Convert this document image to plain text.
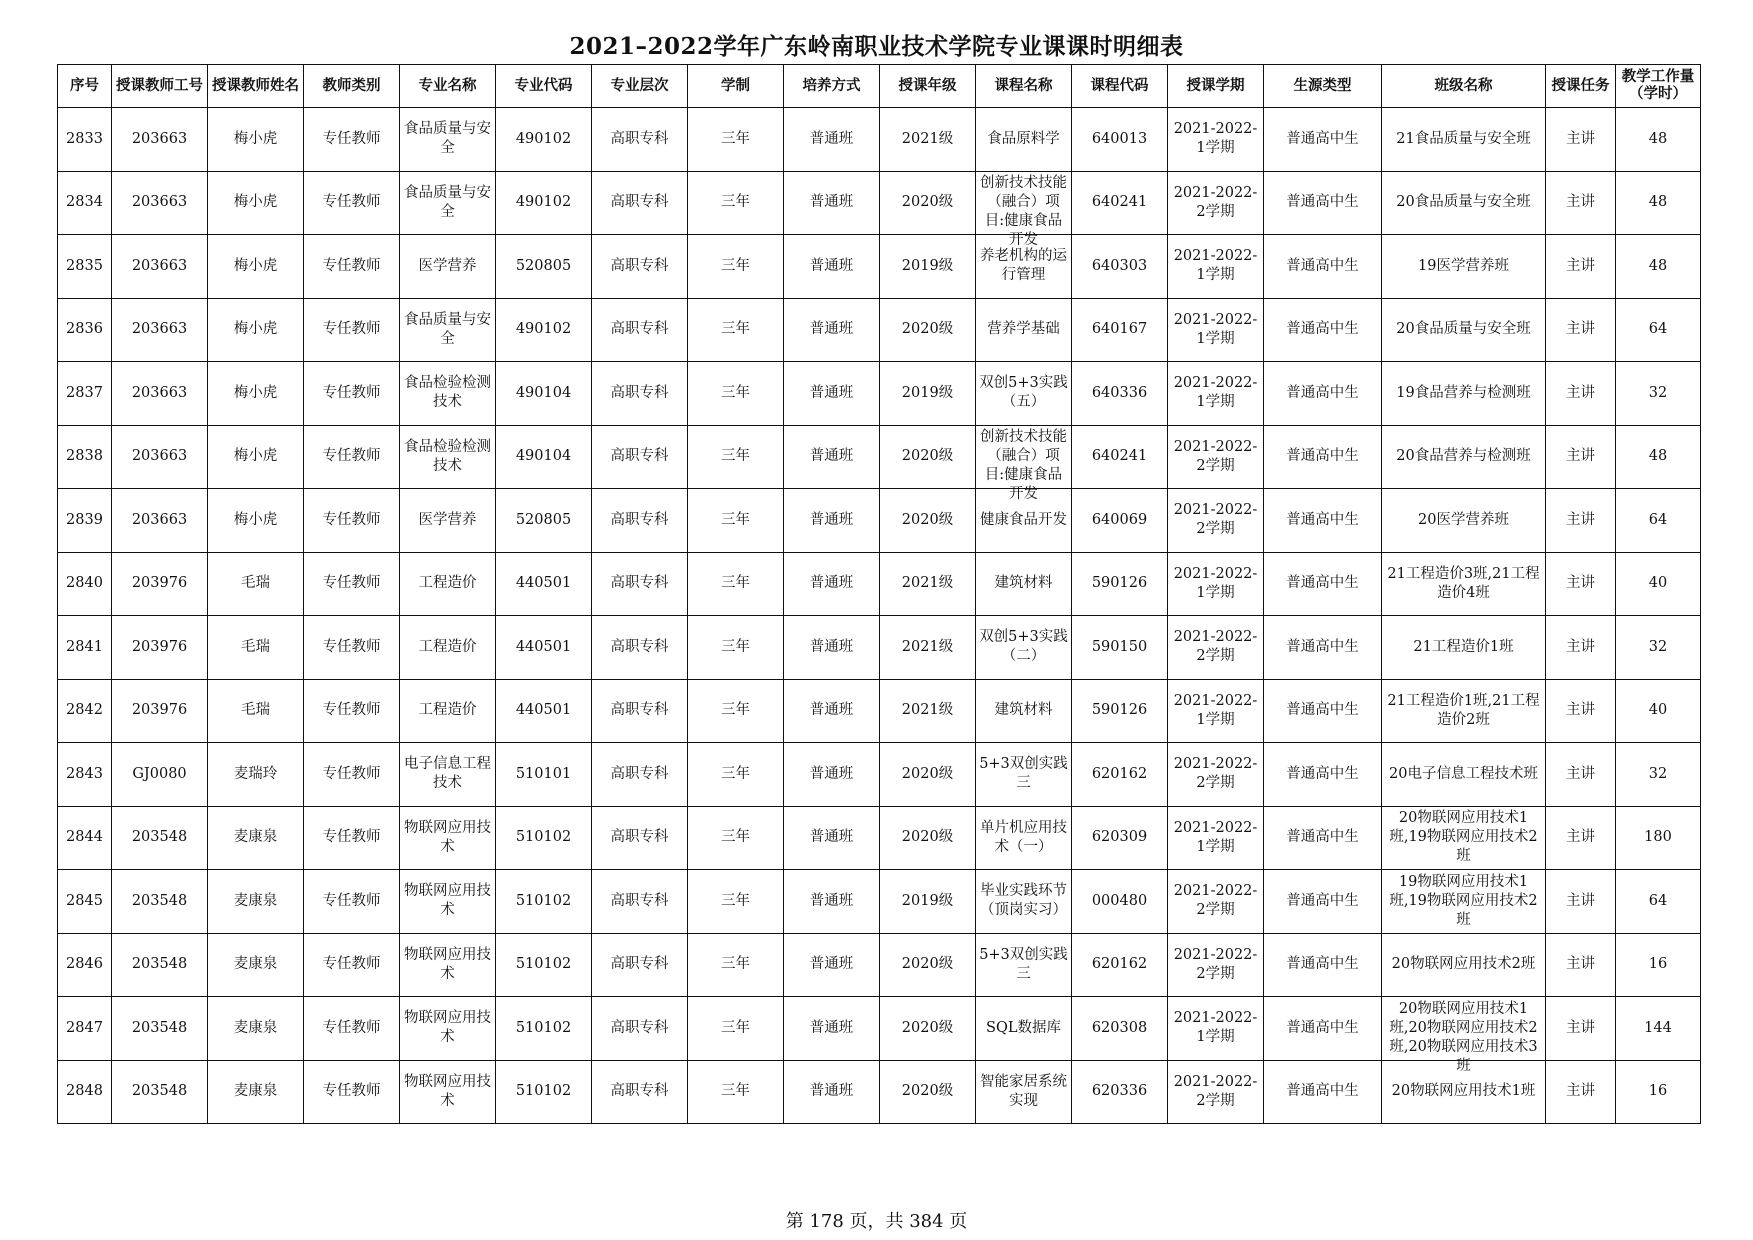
2021–2022学年广东岭南职业技术学院专业课课时明细表
序号	授课教师工号	授课教师姓名	教师类别	专业名称	专业代码	专业层次	学制	培养方式	授课年级	课程名称	课程代码	授课学期	生源类型	班级名称	授课任务	教学工作量（学时）

2833	203663	梅小虎	专任教师	食品质量与安全	490102	高职专科	三年	普通班	2021级	食品原料学	640013	2021-2022-1学期	普通高中生	21食品质量与安全班	主讲	48

2834	203663	梅小虎	专任教师	食品质量与安全	490102	高职专科	三年	普通班	2020级	创新技术技能（融合）项目:健康食品开发	640241	2021-2022-2学期	普通高中生	20食品质量与安全班	主讲	48

2835	203663	梅小虎	专任教师	医学营养	520805	高职专科	三年	普通班	2019级	养老机构的运行管理	640303	2021-2022-1学期	普通高中生	19医学营养班	主讲	48

2836	203663	梅小虎	专任教师	食品质量与安全	490102	高职专科	三年	普通班	2020级	营养学基础	640167	2021-2022-1学期	普通高中生	20食品质量与安全班	主讲	64

2837	203663	梅小虎	专任教师	食品检验检测技术	490104	高职专科	三年	普通班	2019级	双创5+3实践（五）	640336	2021-2022-1学期	普通高中生	19食品营养与检测班	主讲	32

2838	203663	梅小虎	专任教师	食品检验检测技术	490104	高职专科	三年	普通班	2020级	创新技术技能（融合）项目:健康食品开发	640241	2021-2022-2学期	普通高中生	20食品营养与检测班	主讲	48

2839	203663	梅小虎	专任教师	医学营养	520805	高职专科	三年	普通班	2020级	健康食品开发	640069	2021-2022-2学期	普通高中生	20医学营养班	主讲	64

2840	203976	毛瑞	专任教师	工程造价	440501	高职专科	三年	普通班	2021级	建筑材料	590126	2021-2022-1学期	普通高中生	21工程造价3班,21工程造价4班	主讲	40

2841	203976	毛瑞	专任教师	工程造价	440501	高职专科	三年	普通班	2021级	双创5+3实践（二）	590150	2021-2022-2学期	普通高中生	21工程造价1班	主讲	32

2842	203976	毛瑞	专任教师	工程造价	440501	高职专科	三年	普通班	2021级	建筑材料	590126	2021-2022-1学期	普通高中生	21工程造价1班,21工程造价2班	主讲	40

2843	GJ0080	麦瑞玲	专任教师	电子信息工程技术	510101	高职专科	三年	普通班	2020级	5+3双创实践三	620162	2021-2022-2学期	普通高中生	20电子信息工程技术班	主讲	32

2844	203548	麦康泉	专任教师	物联网应用技术	510102	高职专科	三年	普通班	2020级	单片机应用技术（一）	620309	2021-2022-1学期	普通高中生	20物联网应用技术1班,19物联网应用技术2班	主讲	180

2845	203548	麦康泉	专任教师	物联网应用技术	510102	高职专科	三年	普通班	2019级	毕业实践环节（顶岗实习）	000480	2021-2022-2学期	普通高中生	19物联网应用技术1班,19物联网应用技术2班	主讲	64

2846	203548	麦康泉	专任教师	物联网应用技术	510102	高职专科	三年	普通班	2020级	5+3双创实践三	620162	2021-2022-2学期	普通高中生	20物联网应用技术2班	主讲	16

2847	203548	麦康泉	专任教师	物联网应用技术	510102	高职专科	三年	普通班	2020级	SQL数据库	620308	2021-2022-1学期	普通高中生	20物联网应用技术1班,20物联网应用技术2班,20物联网应用技术3班	主讲	144

2848	203548	麦康泉	专任教师	物联网应用技术	510102	高职专科	三年	普通班	2020级	智能家居系统实现	620336	2021-2022-2学期	普通高中生	20物联网应用技术1班	主讲	16
第 178 页，共 384 页
